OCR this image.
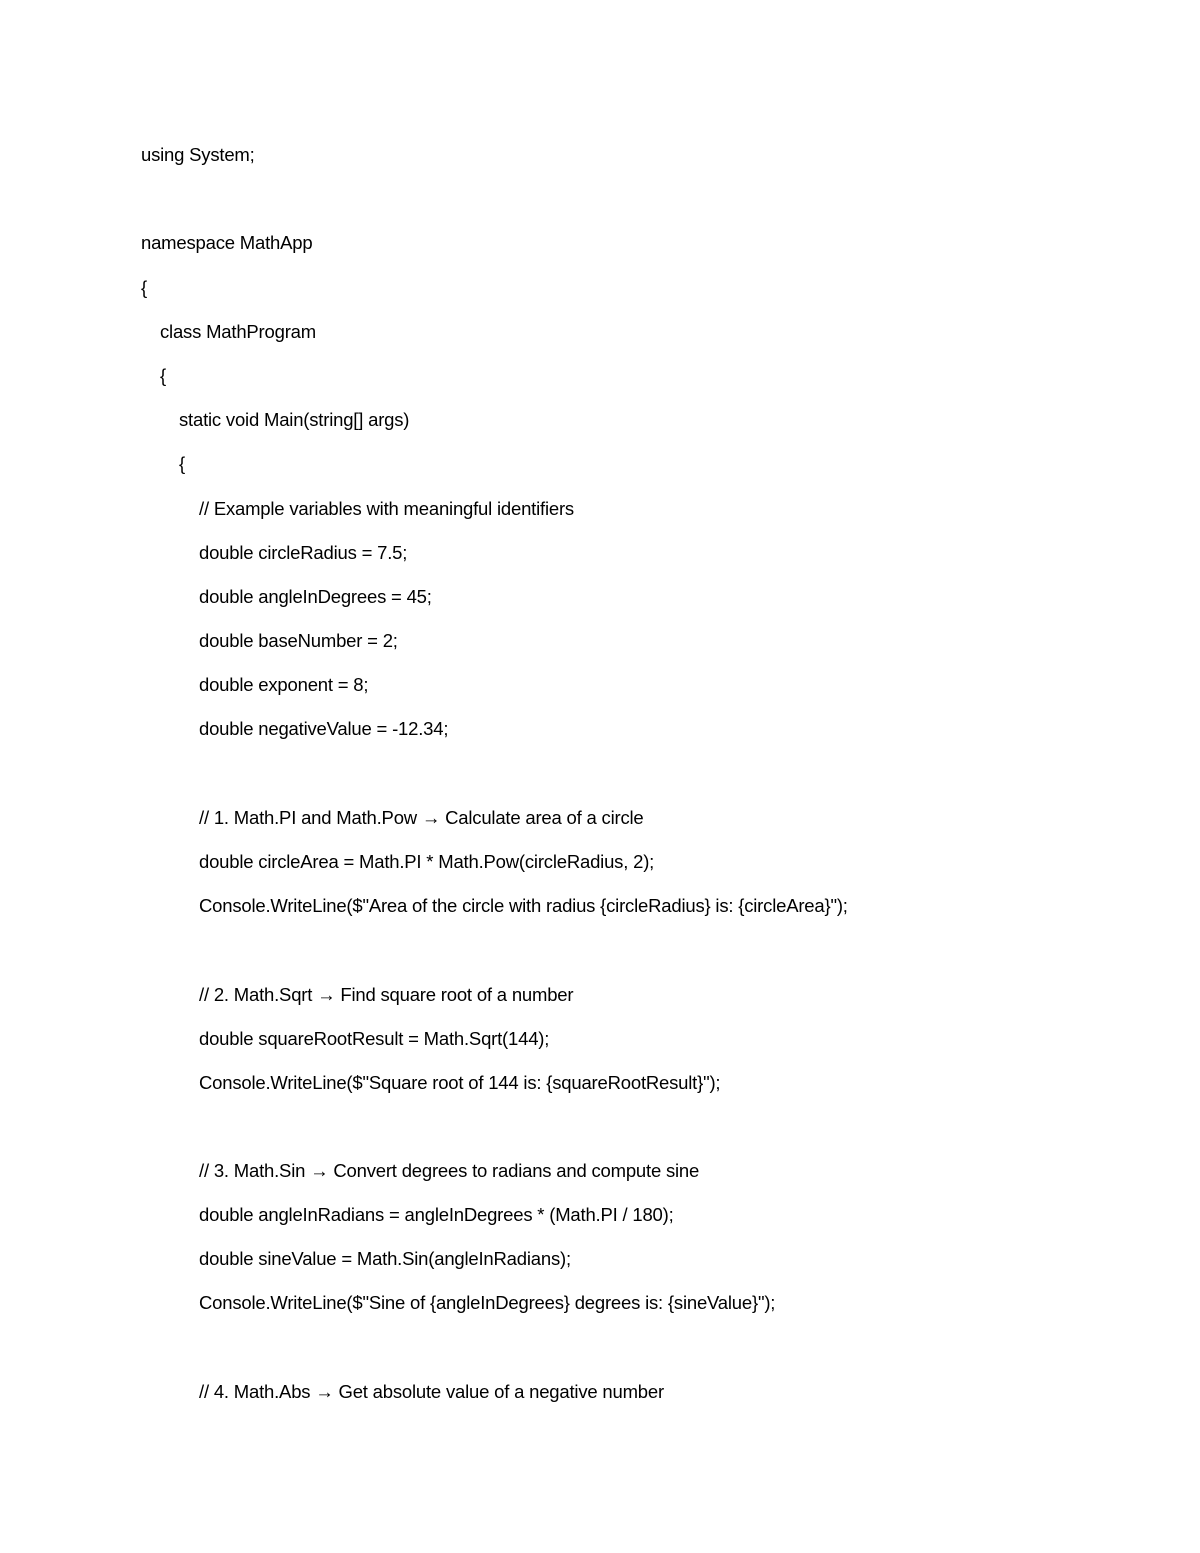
using System;
namespace MathApp
{
class MathProgram
{
static void Main(string[] args)
{
// Example variables with meaningful identifiers
double circleRadius = 7.5;
double angleInDegrees = 45;
double baseNumber = 2;
double exponent = 8;
double negativeValue = -12.34;
// 1. Math.PI and Math.Pow → Calculate area of a circle
double circleArea = Math.PI * Math.Pow(circleRadius, 2);
Console.WriteLine($"Area of the circle with radius {circleRadius} is: {circleArea}");
// 2. Math.Sqrt → Find square root of a number
double squareRootResult = Math.Sqrt(144);
Console.WriteLine($"Square root of 144 is: {squareRootResult}");
// 3. Math.Sin → Convert degrees to radians and compute sine
double angleInRadians = angleInDegrees * (Math.PI / 180);
double sineValue = Math.Sin(angleInRadians);
Console.WriteLine($"Sine of {angleInDegrees} degrees is: {sineValue}");
// 4. Math.Abs → Get absolute value of a negative number
